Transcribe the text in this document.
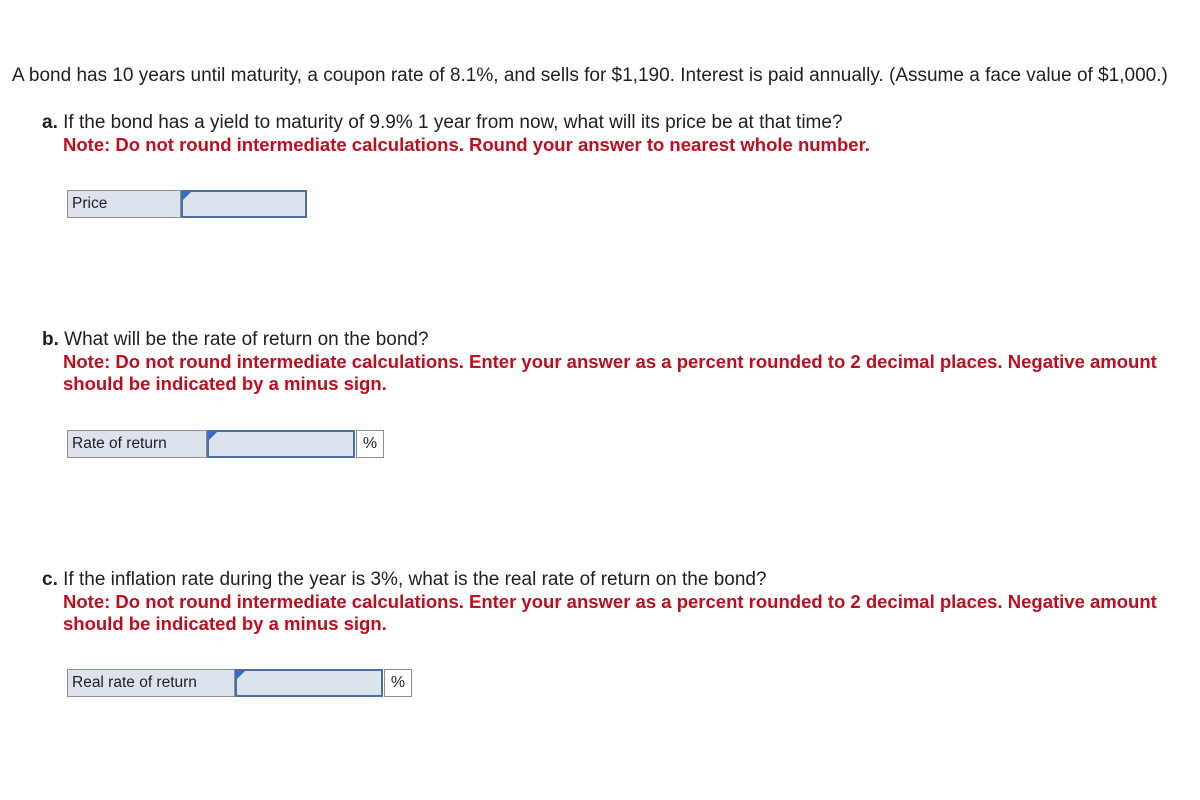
A bond has 10 years until maturity, a coupon rate of 8.1%, and sells for $1,190. Interest is paid annually. (Assume a face value of $1,000.)
a. If the bond has a yield to maturity of 9.9% 1 year from now, what will its price be at that time?
Note: Do not round intermediate calculations. Round your answer to nearest whole number.
Price
b. What will be the rate of return on the bond?
Note: Do not round intermediate calculations. Enter your answer as a percent rounded to 2 decimal places. Negative amount should be indicated by a minus sign.
Rate of return	%
c. If the inflation rate during the year is 3%, what is the real rate of return on the bond?
Note: Do not round intermediate calculations. Enter your answer as a percent rounded to 2 decimal places. Negative amount should be indicated by a minus sign.
Real rate of return	%
